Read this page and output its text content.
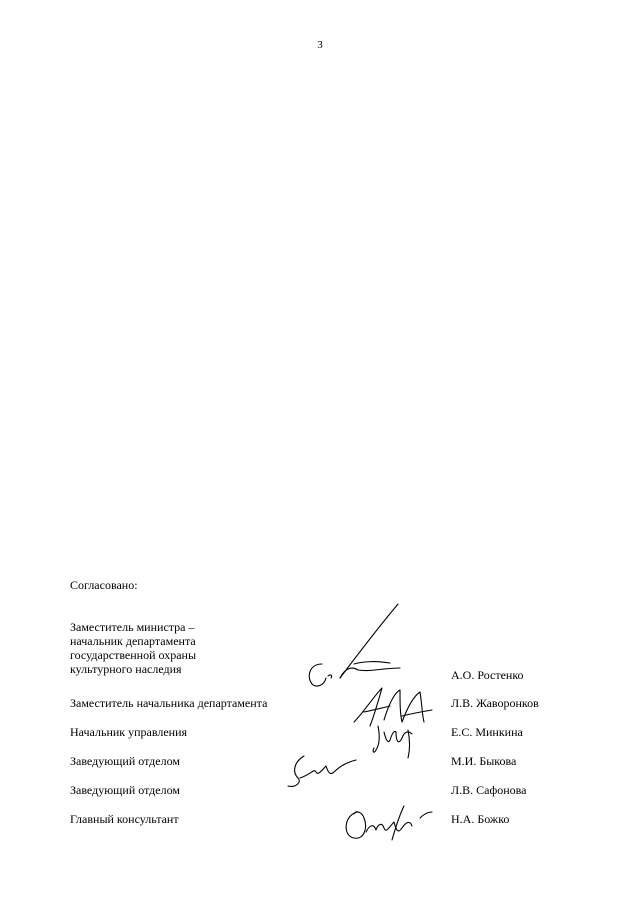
3
Согласовано:
Заместитель министра –
начальник департамента
государственной охраны
культурного наследия	А.О. Ростенко
Заместитель начальника департамента	Л.В. Жаворонков
Начальник управления	Е.С. Минкина
Заведующий отделом	М.И. Быкова
Заведующий отделом	Л.В. Сафонова
Главный консультант	Н.А. Божко
